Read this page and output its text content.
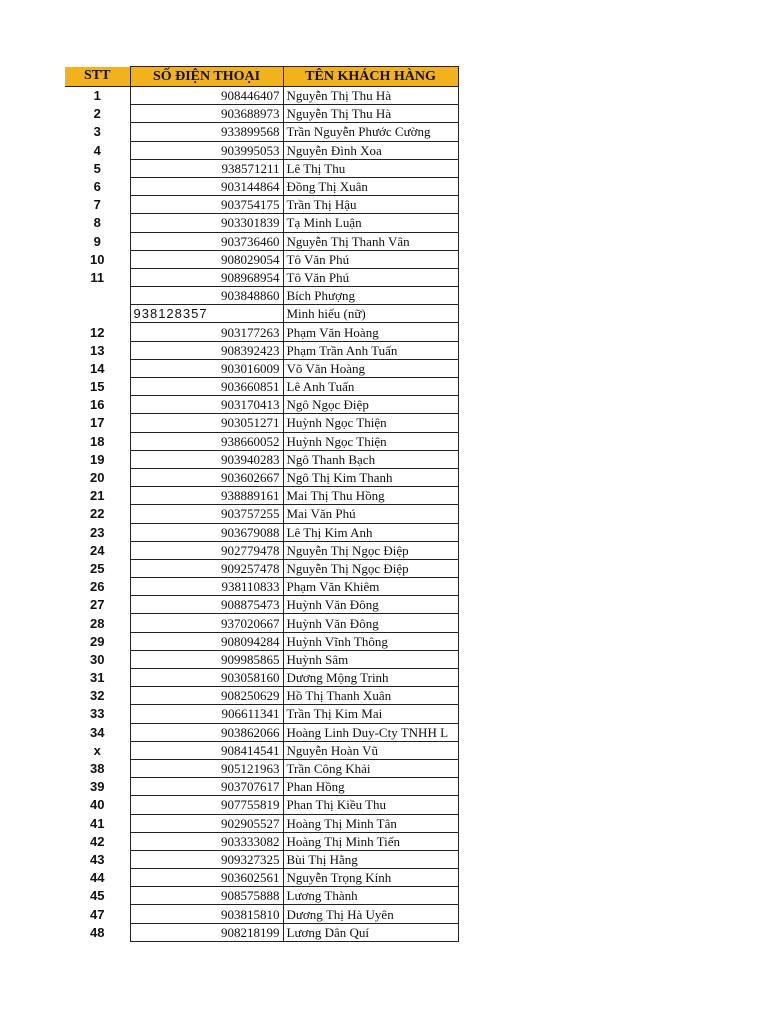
STT	SỐ ĐIỆN THOẠI	TÊN KHÁCH HÀNG
1	908446407	Nguyễn Thị Thu Hà
2	903688973	Nguyễn Thị Thu Hà
3	933899568	Trần Nguyễn Phước Cường
4	903995053	Nguyễn Đình Xoa
5	938571211	Lê Thị Thu
6	903144864	Đồng Thị Xuân
7	903754175	Trần Thị Hậu
8	903301839	Tạ Minh Luận
9	903736460	Nguyễn Thị Thanh Vân
10	908029054	Tô Văn Phú
11	908968954	Tô Văn Phú
	903848860	Bích Phượng
	938128357	Minh hiếu (nữ)
12	903177263	Phạm Văn Hoàng
13	908392423	Phạm Trần Anh Tuấn
14	903016009	Võ Văn Hoàng
15	903660851	Lê Anh Tuấn
16	903170413	Ngô Ngọc Điệp
17	903051271	Huỳnh Ngọc Thiện
18	938660052	Huỳnh Ngọc Thiện
19	903940283	Ngô Thanh Bạch
20	903602667	Ngô Thị Kim Thanh
21	938889161	Mai Thị Thu Hồng
22	903757255	Mai Văn Phú
23	903679088	Lê Thị Kim Anh
24	902779478	Nguyễn Thị Ngọc Điệp
25	909257478	Nguyễn Thị Ngọc Điệp
26	938110833	Phạm Văn Khiêm
27	908875473	Huỳnh Văn Đông
28	937020667	Huỳnh Văn Đông
29	908094284	Huỳnh Vĩnh Thông
30	909985865	Huỳnh Sâm
31	903058160	Dương Mộng Trinh
32	908250629	Hồ Thị Thanh Xuân
33	906611341	Trần Thị Kim Mai
34	903862066	Hoàng Linh Duy-Cty TNHH L
x	908414541	Nguyễn Hoàn Vũ
38	905121963	Trần Công Khải
39	903707617	Phan Hồng
40	907755819	Phan Thị Kiều Thu
41	902905527	Hoàng Thị Minh Tân
42	903333082	Hoàng Thị Minh Tiến
43	909327325	Bùi Thị Hằng
44	903602561	Nguyễn Trọng Kính
45	908575888	Lương Thành
47	903815810	Dương Thị Hà Uyên
48	908218199	Lương Dân Quí
